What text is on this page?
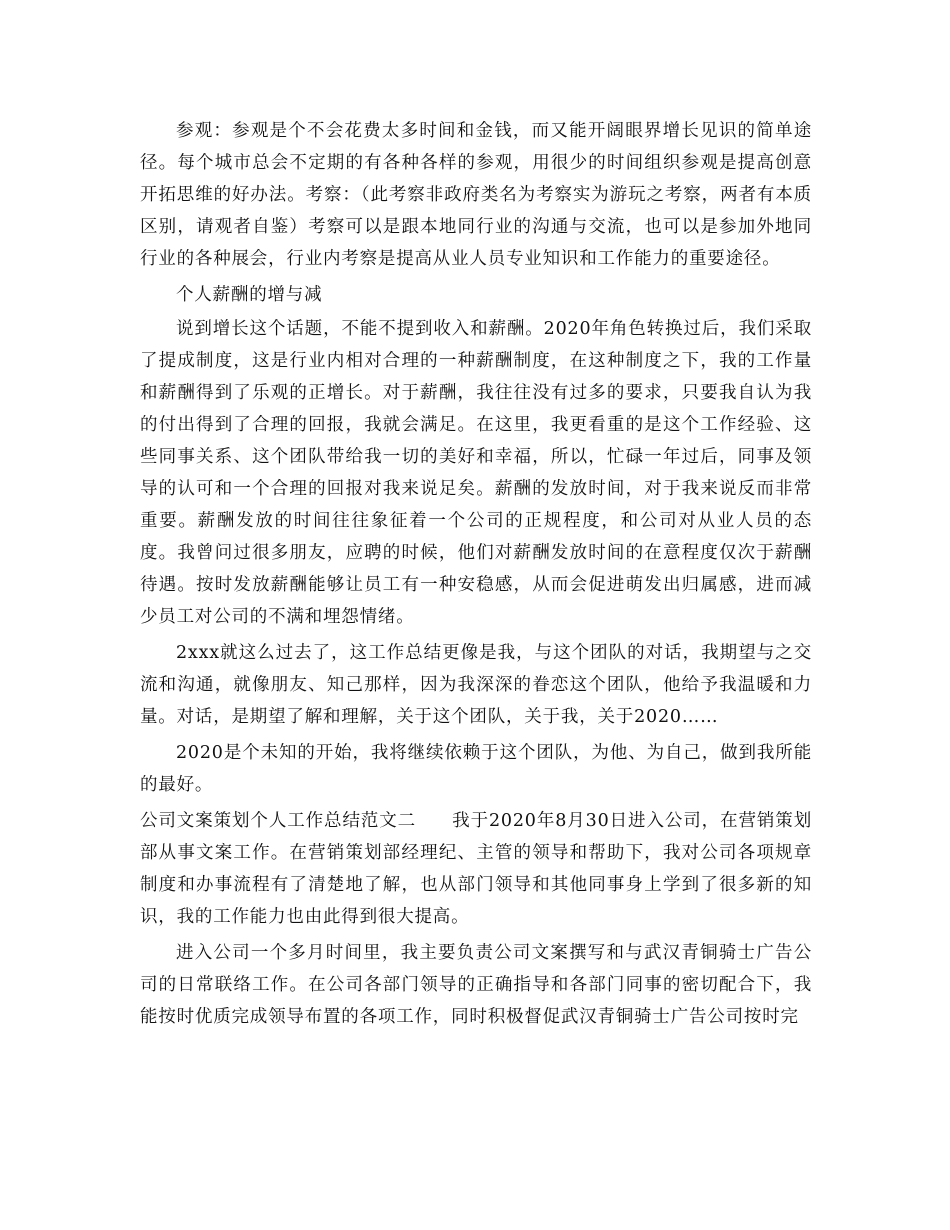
参观：参观是个不会花费太多时间和金钱，而又能开阔眼界增长见识的简单途径。每个城市总会不定期的有各种各样的参观，用很少的时间组织参观是提高创意开拓思维的好办法。考察：（此考察非政府类名为考察实为游玩之考察，两者有本质区别，请观者自鉴）考察可以是跟本地同行业的沟通与交流，也可以是参加外地同行业的各种展会，行业内考察是提高从业人员专业知识和工作能力的重要途径。

个人薪酬的增与减

说到增长这个话题，不能不提到收入和薪酬。2020年角色转换过后，我们采取了提成制度，这是行业内相对合理的一种薪酬制度，在这种制度之下，我的工作量和薪酬得到了乐观的正增长。对于薪酬，我往往没有过多的要求，只要我自认为我的付出得到了合理的回报，我就会满足。在这里，我更看重的是这个工作经验、这些同事关系、这个团队带给我一切的美好和幸福，所以，忙碌一年过后，同事及领导的认可和一个合理的回报对我来说足矣。薪酬的发放时间，对于我来说反而非常重要。薪酬发放的时间往往象征着一个公司的正规程度，和公司对从业人员的态度。我曾问过很多朋友，应聘的时候，他们对薪酬发放时间的在意程度仅次于薪酬待遇。按时发放薪酬能够让员工有一种安稳感，从而会促进萌发出归属感，进而减少员工对公司的不满和埋怨情绪。

2xxx就这么过去了，这工作总结更像是我，与这个团队的对话，我期望与之交流和沟通，就像朋友、知己那样，因为我深深的眷恋这个团队，他给予我温暖和力量。对话，是期望了解和理解，关于这个团队，关于我，关于2020……

2020是个未知的开始，我将继续依赖于这个团队，为他、为自己，做到我所能的最好。

公司文案策划个人工作总结范文二 我于2020年8月30日进入公司，在营销策划部从事文案工作。在营销策划部经理纪、主管的领导和帮助下，我对公司各项规章制度和办事流程有了清楚地了解，也从部门领导和其他同事身上学到了很多新的知识，我的工作能力也由此得到很大提高。

进入公司一个多月时间里，我主要负责公司文案撰写和与武汉青铜骑士广告公司的日常联络工作。在公司各部门领导的正确指导和各部门同事的密切配合下，我能按时优质完成领导布置的各项工作，同时积极督促武汉青铜骑士广告公司按时完
